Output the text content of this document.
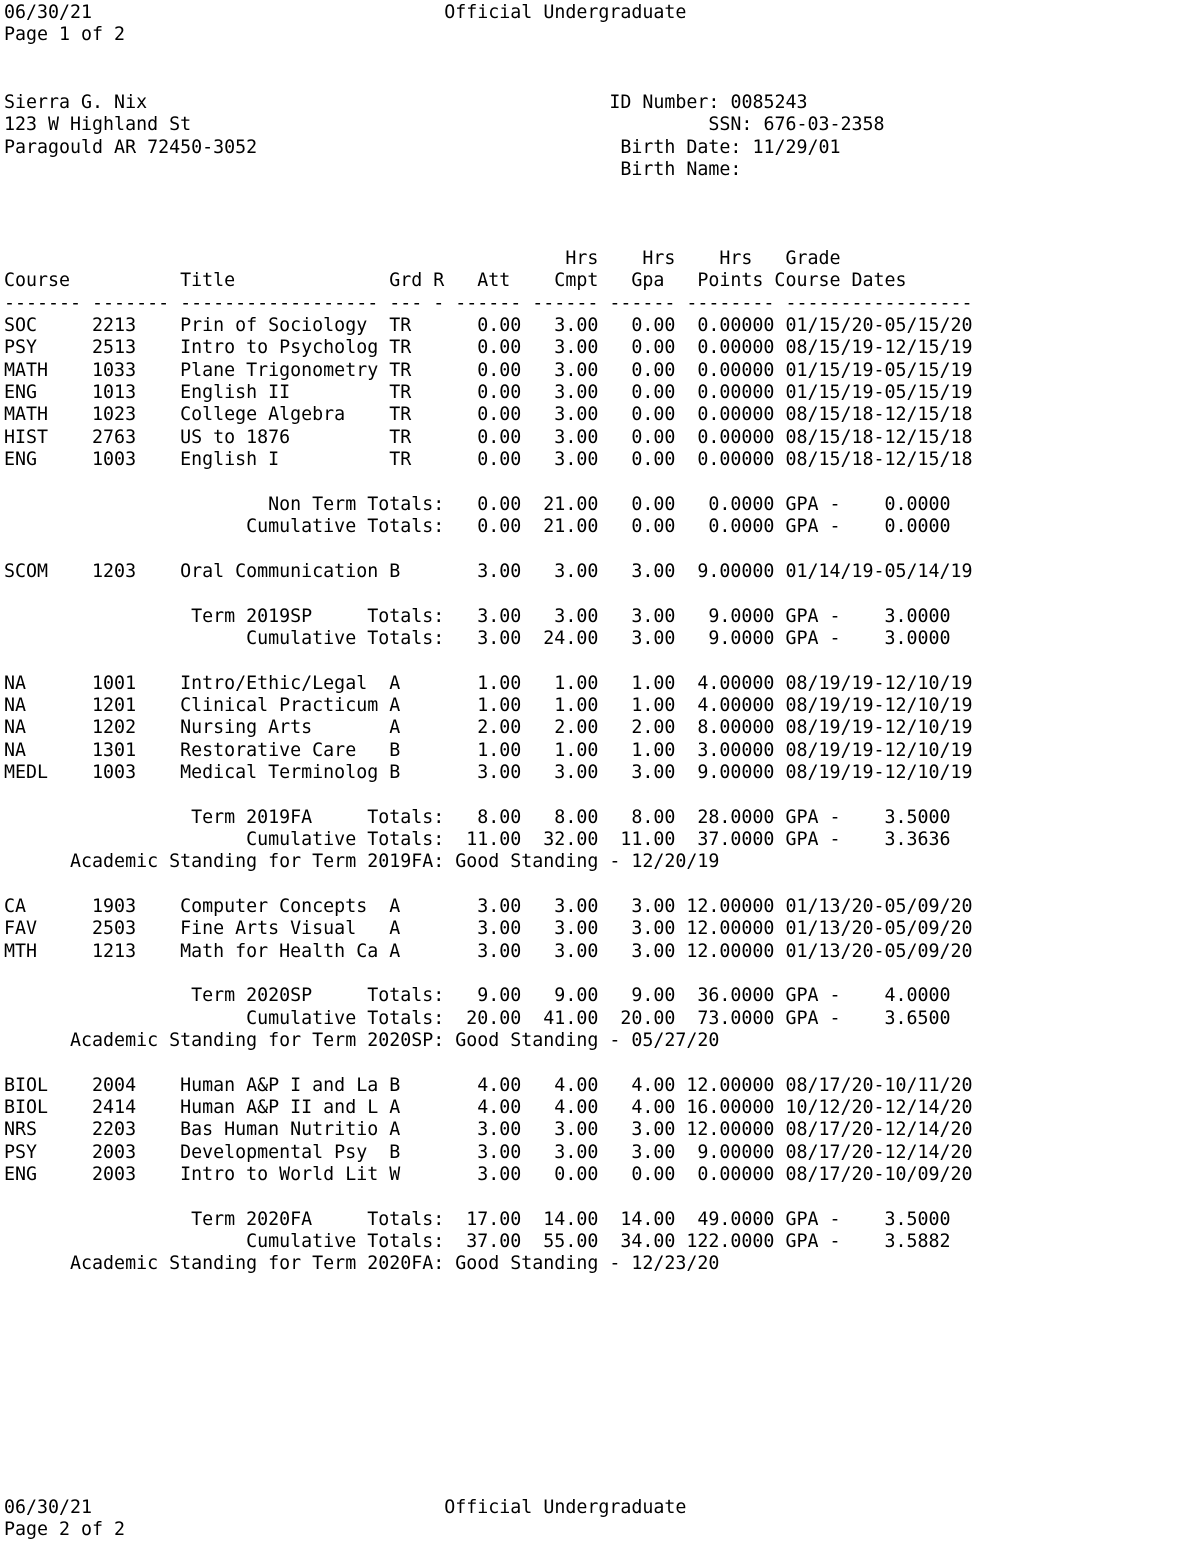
06/30/21	Official Undergraduate
Page 1 of 2
Sierra G. Nix	ID Number: 0085243
123 W Highland St	SSN: 676-03-2358
Paragould AR 72450-3052	Birth Date: 11/29/01
Birth Name:
Hrs    Hrs    Hrs   Grade
Course          Title              Grd R   Att    Cmpt   Gpa   Points Course Dates
------- ------- ------------------ --- - ------ ------ ------ -------- -----------------
SOC     2213    Prin of Sociology  TR      0.00   3.00   0.00  0.00000 01/15/20-05/15/20
PSY     2513    Intro to Psycholog TR      0.00   3.00   0.00  0.00000 08/15/19-12/15/19
MATH    1033    Plane Trigonometry TR      0.00   3.00   0.00  0.00000 01/15/19-05/15/19
ENG     1013    English II         TR      0.00   3.00   0.00  0.00000 01/15/19-05/15/19
MATH    1023    College Algebra    TR      0.00   3.00   0.00  0.00000 08/15/18-12/15/18
HIST    2763    US to 1876         TR      0.00   3.00   0.00  0.00000 08/15/18-12/15/18
ENG     1003    English I          TR      0.00   3.00   0.00  0.00000 08/15/18-12/15/18
Non Term Totals:   0.00  21.00   0.00   0.0000 GPA -    0.0000
Cumulative Totals:   0.00  21.00   0.00   0.0000 GPA -    0.0000
SCOM    1203    Oral Communication B       3.00   3.00   3.00  9.00000 01/14/19-05/14/19
Term 2019SP     Totals:   3.00   3.00   3.00   9.0000 GPA -    3.0000
Cumulative Totals:   3.00  24.00   3.00   9.0000 GPA -    3.0000
NA      1001    Intro/Ethic/Legal  A       1.00   1.00   1.00  4.00000 08/19/19-12/10/19
NA      1201    Clinical Practicum A       1.00   1.00   1.00  4.00000 08/19/19-12/10/19
NA      1202    Nursing Arts       A       2.00   2.00   2.00  8.00000 08/19/19-12/10/19
NA      1301    Restorative Care   B       1.00   1.00   1.00  3.00000 08/19/19-12/10/19
MEDL    1003    Medical Terminolog B       3.00   3.00   3.00  9.00000 08/19/19-12/10/19
Term 2019FA     Totals:   8.00   8.00   8.00  28.0000 GPA -    3.5000
Cumulative Totals:  11.00  32.00  11.00  37.0000 GPA -    3.3636
Academic Standing for Term 2019FA: Good Standing - 12/20/19
CA      1903    Computer Concepts  A       3.00   3.00   3.00 12.00000 01/13/20-05/09/20
FAV     2503    Fine Arts Visual   A       3.00   3.00   3.00 12.00000 01/13/20-05/09/20
MTH     1213    Math for Health Ca A       3.00   3.00   3.00 12.00000 01/13/20-05/09/20
Term 2020SP     Totals:   9.00   9.00   9.00  36.0000 GPA -    4.0000
Cumulative Totals:  20.00  41.00  20.00  73.0000 GPA -    3.6500
Academic Standing for Term 2020SP: Good Standing - 05/27/20
BIOL    2004    Human A&P I and La B       4.00   4.00   4.00 12.00000 08/17/20-10/11/20
BIOL    2414    Human A&P II and L A       4.00   4.00   4.00 16.00000 10/12/20-12/14/20
NRS     2203    Bas Human Nutritio A       3.00   3.00   3.00 12.00000 08/17/20-12/14/20
PSY     2003    Developmental Psy  B       3.00   3.00   3.00  9.00000 08/17/20-12/14/20
ENG     2003    Intro to World Lit W       3.00   0.00   0.00  0.00000 08/17/20-10/09/20
Term 2020FA     Totals:  17.00  14.00  14.00  49.0000 GPA -    3.5000
Cumulative Totals:  37.00  55.00  34.00 122.0000 GPA -    3.5882
Academic Standing for Term 2020FA: Good Standing - 12/23/20
06/30/21	Official Undergraduate
Page 2 of 2
